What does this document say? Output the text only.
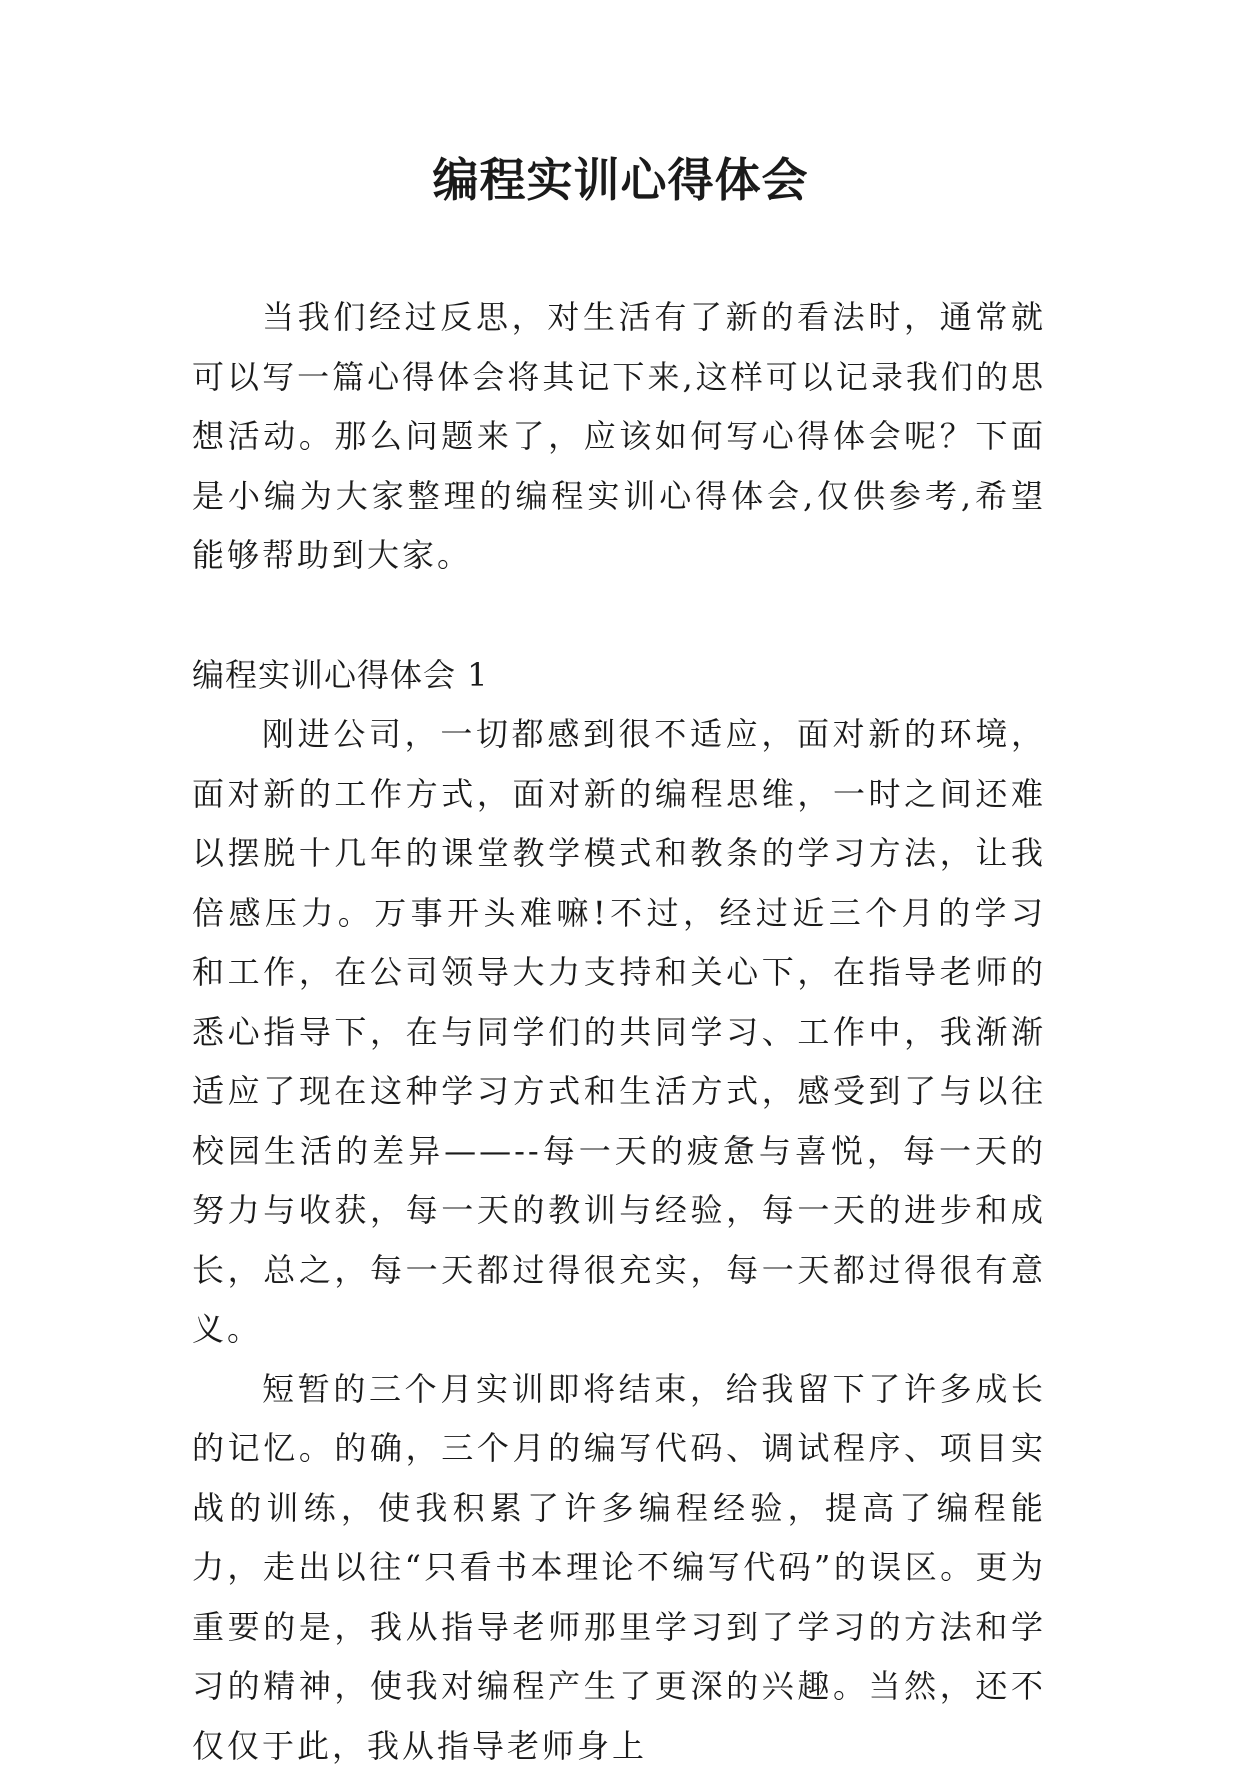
编程实训心得体会

当我们经过反思，对生活有了新的看法时，通常就可以写一篇心得体会将其记下来,这样可以记录我们的思想活动。那么问题来了，应该如何写心得体会呢？下面是小编为大家整理的编程实训心得体会,仅供参考,希望能够帮助到大家。

编程实训心得体会 1

刚进公司，一切都感到很不适应，面对新的环境，面对新的工作方式，面对新的编程思维，一时之间还难以摆脱十几年的课堂教学模式和教条的学习方法，让我倍感压力。万事开头难嘛!不过，经过近三个月的学习和工作，在公司领导大力支持和关心下，在指导老师的悉心指导下，在与同学们的共同学习、工作中，我渐渐适应了现在这种学习方式和生活方式，感受到了与以往校园生活的差异——--每一天的疲惫与喜悦，每一天的努力与收获，每一天的教训与经验，每一天的进步和成长，总之，每一天都过得很充实，每一天都过得很有意义。

短暂的三个月实训即将结束，给我留下了许多成长的记忆。的确，三个月的编写代码、调试程序、项目实战的训练，使我积累了许多编程经验，提高了编程能力，走出以往“只看书本理论不编写代码”的误区。更为重要的是，我从指导老师那里学习到了学习的方法和学习的精神，使我对编程产生了更深的兴趣。当然，还不仅仅于此，我从指导老师身上
